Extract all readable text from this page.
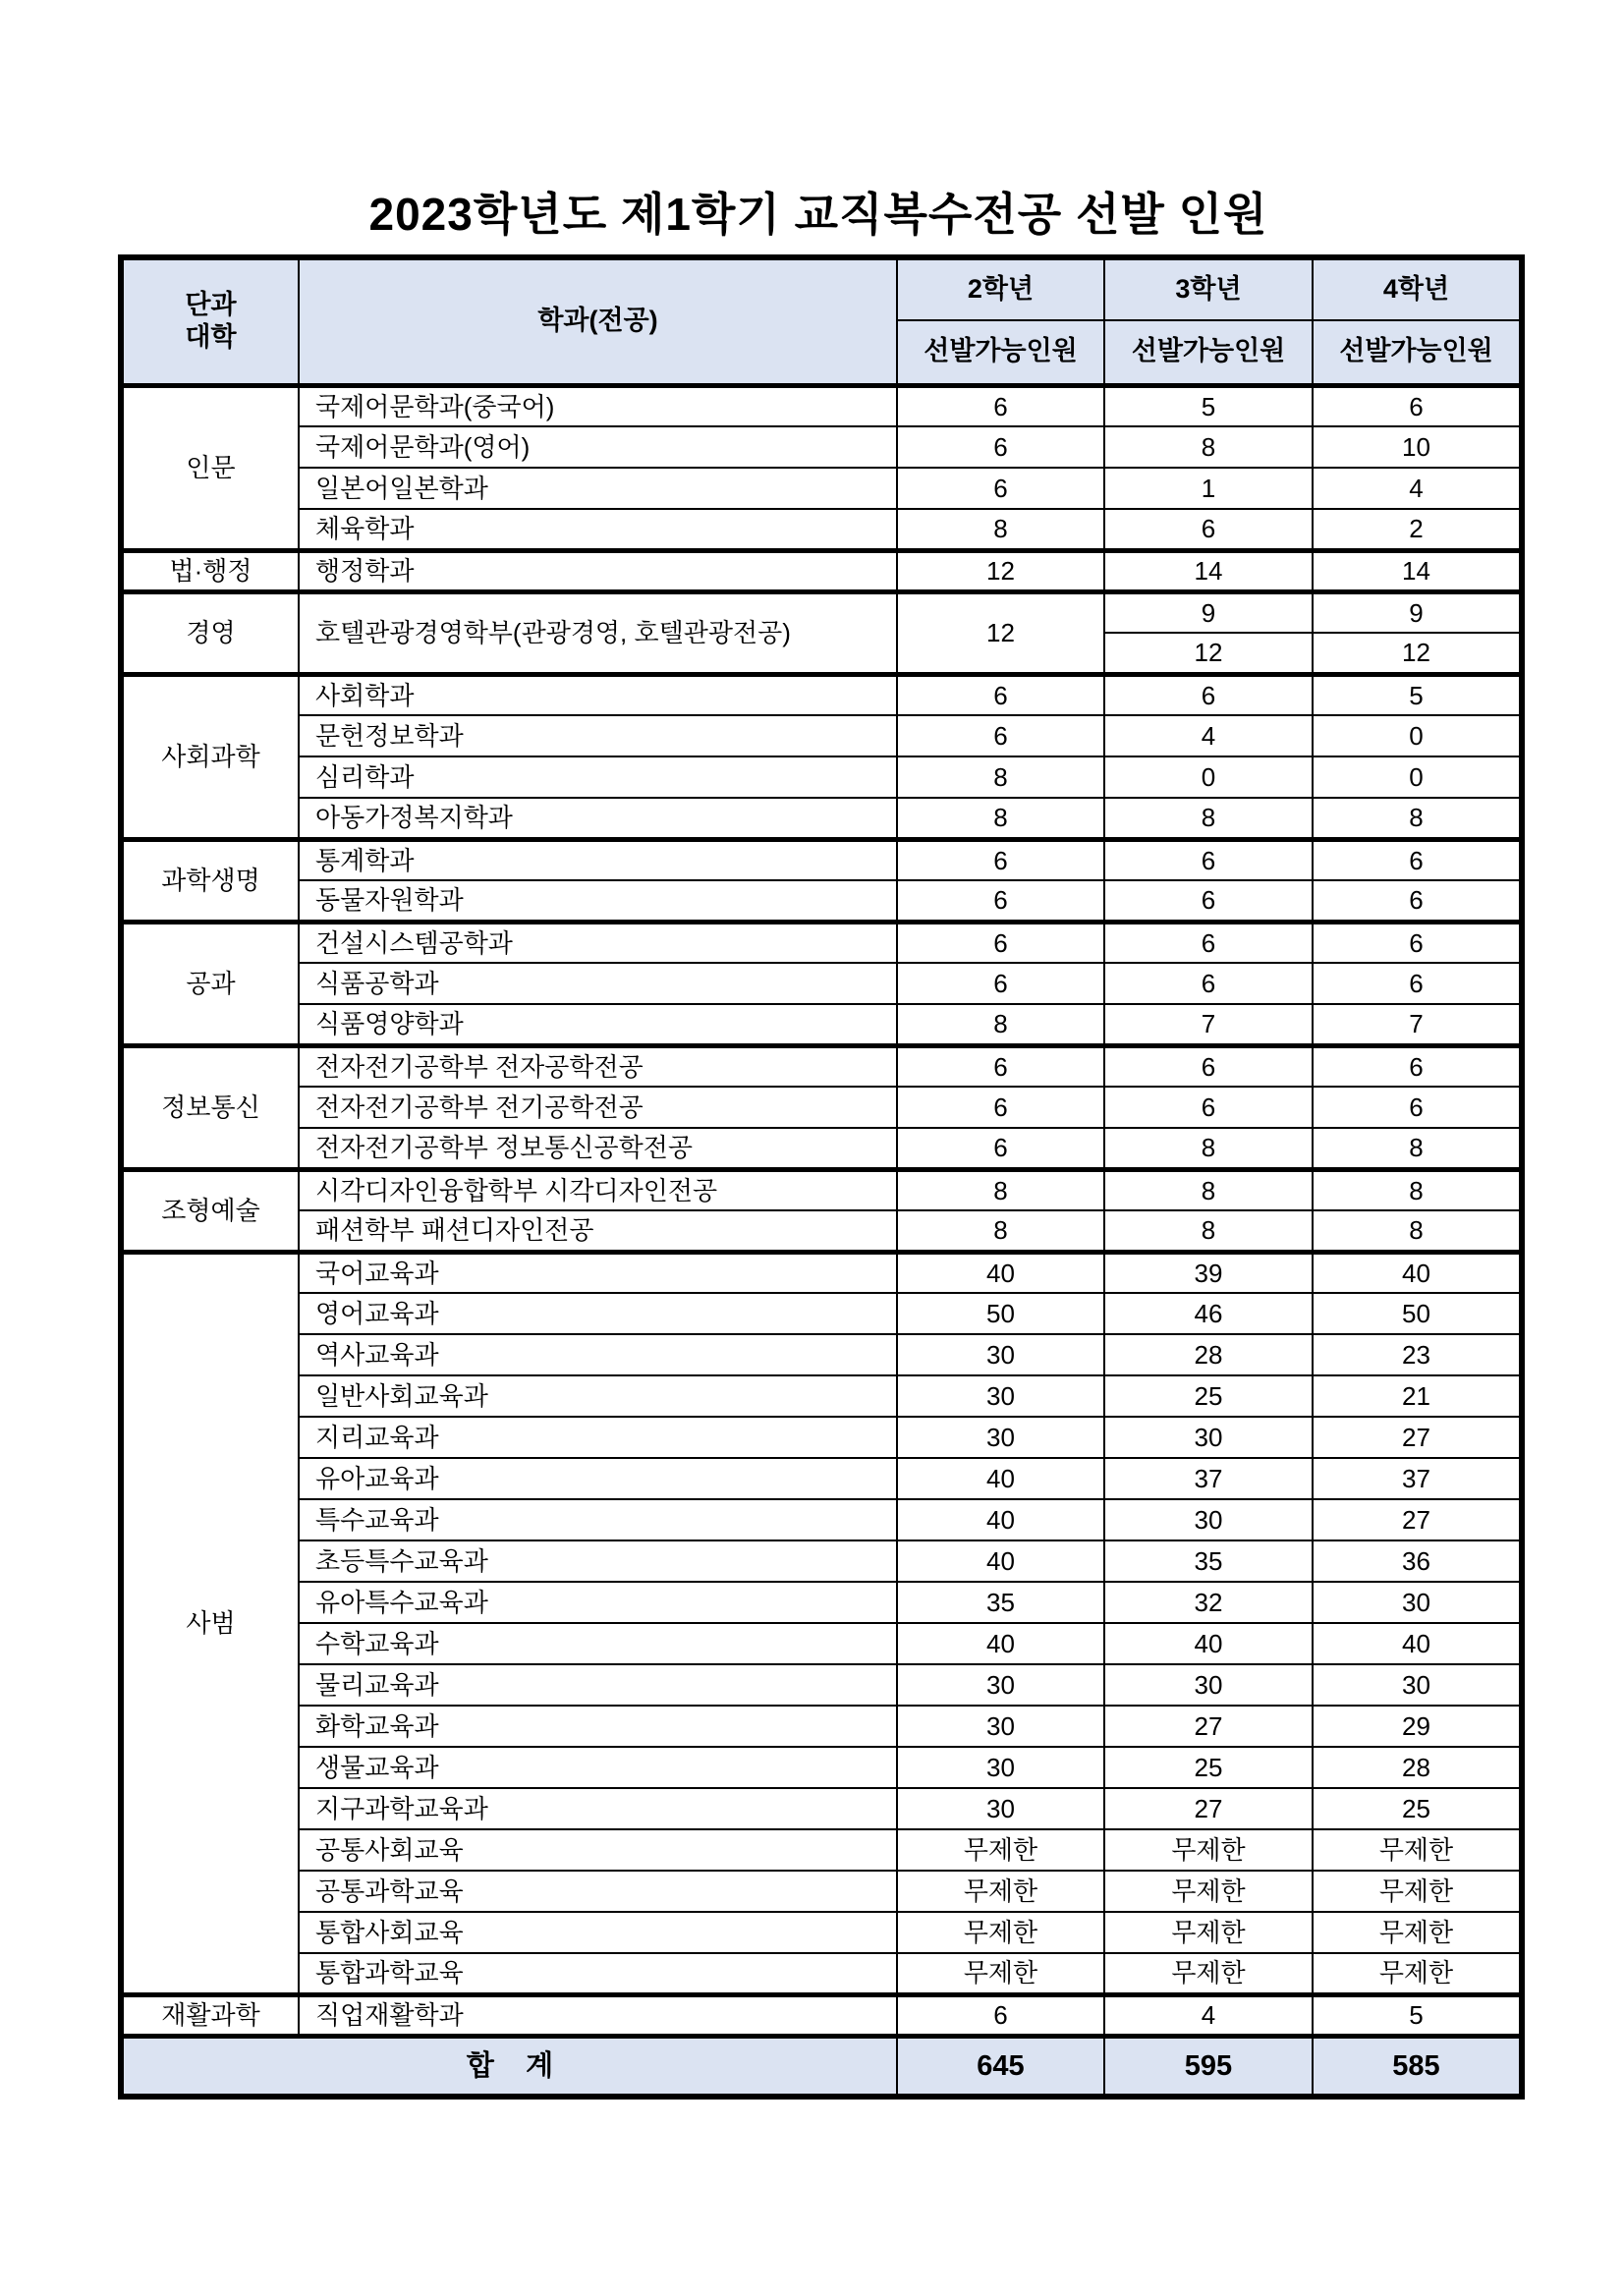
2023학년도 제1학기 교직복수전공 선발 인원
단과
대학	학과(전공)	2학년	3학년	4학년
		선발가능인원	선발가능인원	선발가능인원
인문	국제어문학과(중국어)	6	5	6
	국제어문학과(영어)	6	8	10
	일본어일본학과	6	1	4
	체육학과	8	6	2
법·행정	행정학과	12	14	14
경영	호텔관광경영학부(관광경영, 호텔관광전공)	12	9	9
			12	12
사회과학	사회학과	6	6	5
	문헌정보학과	6	4	0
	심리학과	8	0	0
	아동가정복지학과	8	8	8
과학생명	통계학과	6	6	6
	동물자원학과	6	6	6
공과	건설시스템공학과	6	6	6
	식품공학과	6	6	6
	식품영양학과	8	7	7
정보통신	전자전기공학부 전자공학전공	6	6	6
	전자전기공학부 전기공학전공	6	6	6
	전자전기공학부 정보통신공학전공	6	8	8
조형예술	시각디자인융합학부 시각디자인전공	8	8	8
	패션학부 패션디자인전공	8	8	8
사범	국어교육과	40	39	40
	영어교육과	50	46	50
	역사교육과	30	28	23
	일반사회교육과	30	25	21
	지리교육과	30	30	27
	유아교육과	40	37	37
	특수교육과	40	30	27
	초등특수교육과	40	35	36
	유아특수교육과	35	32	30
	수학교육과	40	40	40
	물리교육과	30	30	30
	화학교육과	30	27	29
	생물교육과	30	25	28
	지구과학교육과	30	27	25
	공통사회교육	무제한	무제한	무제한
	공통과학교육	무제한	무제한	무제한
	통합사회교육	무제한	무제한	무제한
	통합과학교육	무제한	무제한	무제한
재활과학	직업재활학과	6	4	5
합    계		645	595	585
